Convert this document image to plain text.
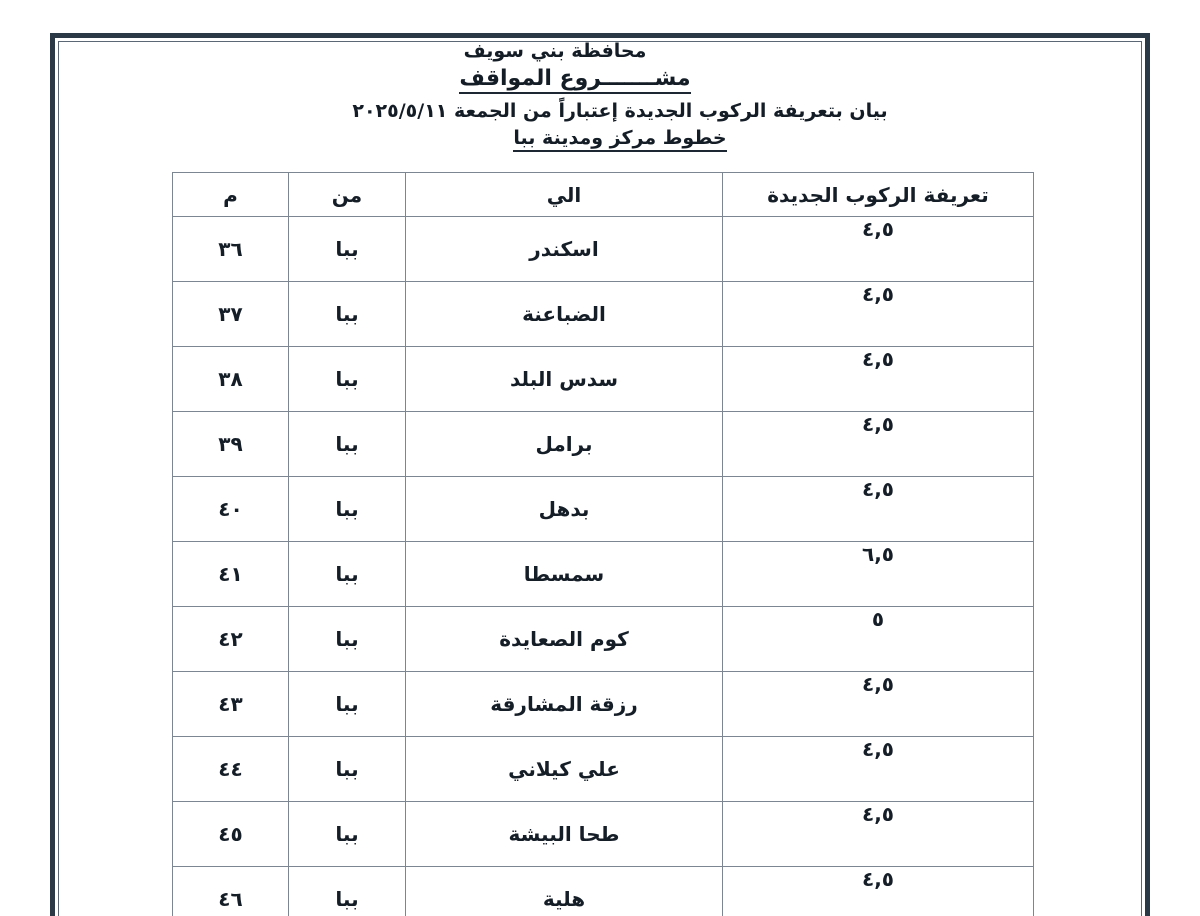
محافظة بني سويف
مشـــــــروع المواقف
بيان بتعريفة الركوب الجديدة إعتباراً من الجمعة ٢٠٢٥/٥/١١
خطوط مركز ومدينة ببا
تعريفة الركوب الجديدة	الي	من	م
٤,٥	اسكندر	ببا	٣٦
٤,٥	الضباعنة	ببا	٣٧
٤,٥	سدس البلد	ببا	٣٨
٤,٥	برامل	ببا	٣٩
٤,٥	بدهل	ببا	٤٠
٦,٥	سمسطا	ببا	٤١
٥	كوم الصعايدة	ببا	٤٢
٤,٥	رزقة المشارقة	ببا	٤٣
٤,٥	علي كيلاني	ببا	٤٤
٤,٥	طحا البيشة	ببا	٤٥
٤,٥	هلية	ببا	٤٦
